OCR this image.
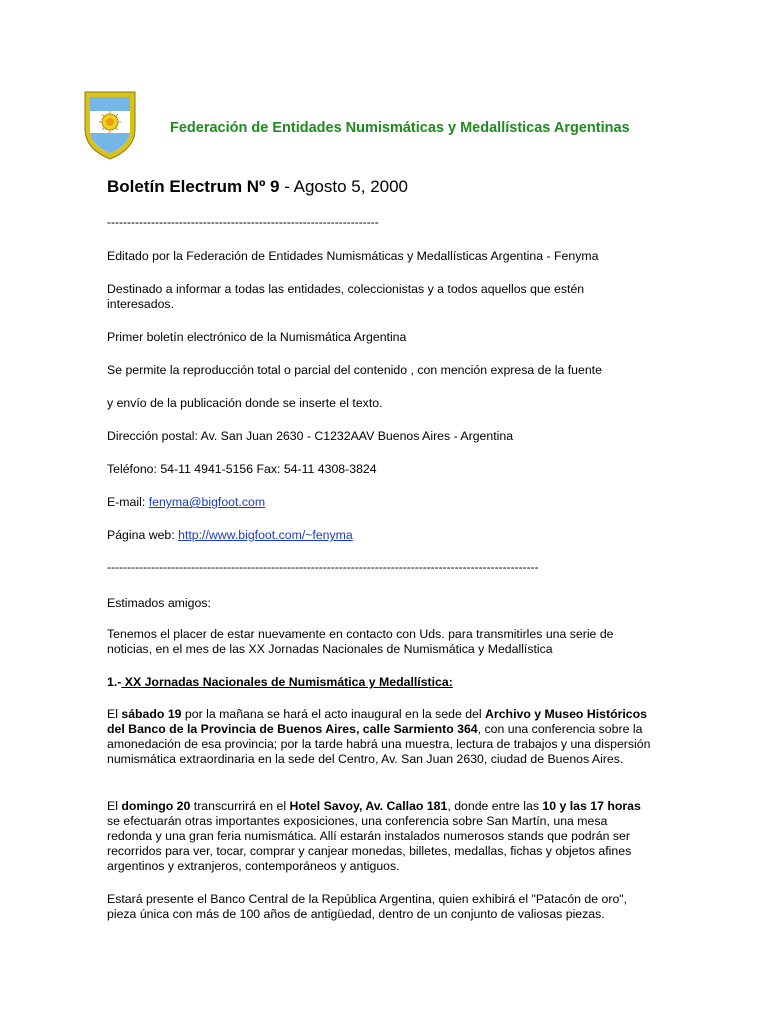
Federación de Entidades Numismáticas y Medallísticas Argentinas
Boletín Electrum Nº 9 - Agosto 5, 2000
--------------------------------------------------------------------
Editado por la Federación de Entidades Numismáticas y Medallísticas Argentina - Fenyma
Destinado a informar a todas las entidades, coleccionistas y a todos aquellos que estén interesados.
Primer boletín electrónico de la Numismática Argentina
Se permite la reproducción total o parcial del contenido , con mención expresa de la fuente
y envío de la publicación donde se inserte el texto.
Dirección postal: Av. San Juan 2630 - C1232AAV Buenos Aires - Argentina
Teléfono: 54-11 4941-5156 Fax: 54-11 4308-3824
E-mail: fenyma@bigfoot.com
Página web: http://www.bigfoot.com/~fenyma
------------------------------------------------------------------------------------------------------------
Estimados amigos:
Tenemos el placer de estar nuevamente en contacto con Uds. para transmitirles una serie de noticias, en el mes de las XX Jornadas Nacionales de Numismática y Medallística
1.- XX Jornadas Nacionales de Numismática y Medallística:
El sábado 19 por la mañana se hará el acto inaugural en la sede del Archivo y Museo Históricos del Banco de la Provincia de Buenos Aires, calle Sarmiento 364, con una conferencia sobre la amonedación de esa provincia; por la tarde habrá una muestra, lectura de trabajos y una dispersión numismática extraordinaria en la sede del Centro, Av. San Juan 2630, ciudad de Buenos Aires.
El domingo 20 transcurrirá en el Hotel Savoy, Av. Callao 181, donde entre las 10 y las 17 horas se efectuarán otras importantes exposiciones, una conferencia sobre San Martín, una mesa redonda y una gran feria numismática. Allí estarán instalados numerosos stands que podrán ser recorridos para ver, tocar, comprar y canjear monedas, billetes, medallas, fichas y objetos afines argentinos y extranjeros, contemporáneos y antiguos.
Estará presente el Banco Central de la República Argentina, quien exhibirá el "Patacón de oro", pieza única con más de 100 años de antigüedad, dentro de un conjunto de valiosas piezas.
